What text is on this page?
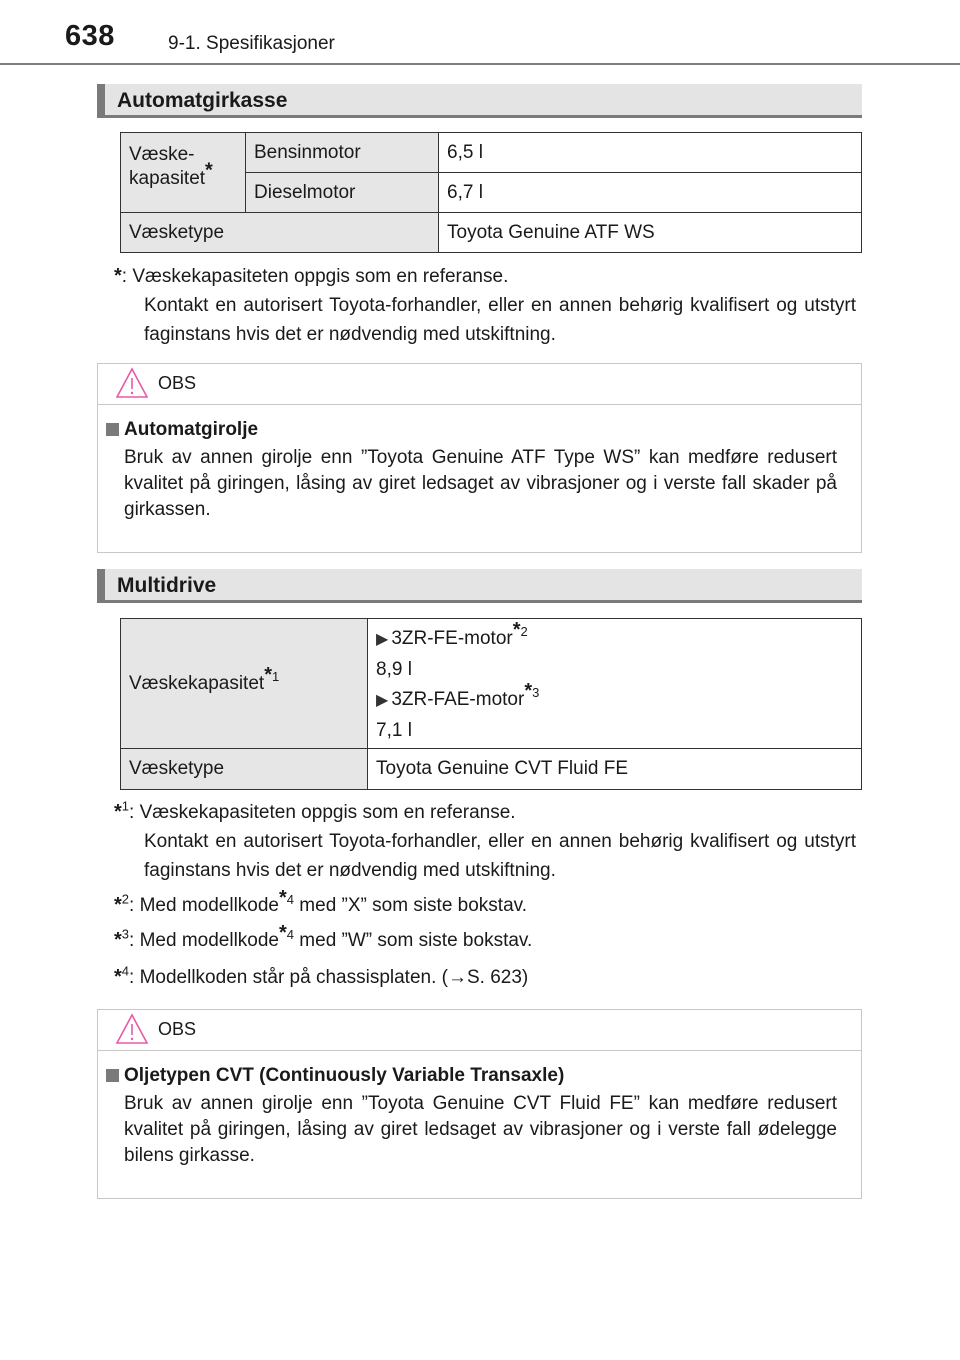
638	9-1. Spesifikasjoner
Automatgirkasse
Væske-
kapasitet*	Bensinmotor	6,5 l
	Dieselmotor	6,7 l
Væsketype		Toyota Genuine ATF WS
*: Væskekapasiteten oppgis som en referanse.
Kontakt en autorisert Toyota-forhandler, eller en annen behørig kvalifisert og utstyrt faginstans hvis det er nødvendig med utskiftning.
OBS
Automatgirolje
Bruk av annen girolje enn ”Toyota Genuine ATF Type WS” kan medføre redusert kvalitet på giringen, låsing av giret ledsaget av vibrasjoner og i verste fall skader på girkassen.
Multidrive
Væskekapasitet$^{*1}$	▶ 3ZR-FE-motor$^{*2}$
8,9 l
▶ 3ZR-FAE-motor$^{*3}$
7,1 l

Væsketype	Toyota Genuine CVT Fluid FE
*$^1$: Væskekapasiteten oppgis som en referanse.
Kontakt en autorisert Toyota-forhandler, eller en annen behørig kvalifisert og utstyrt faginstans hvis det er nødvendig med utskiftning.
*$^2$: Med modellkode$^{*4}$ med ”X” som siste bokstav.
*$^3$: Med modellkode$^{*4}$ med ”W” som siste bokstav.
*$^4$: Modellkoden står på chassisplaten. (→S. 623)
OBS
Oljetypen CVT (Continuously Variable Transaxle)
Bruk av annen girolje enn ”Toyota Genuine CVT Fluid FE” kan medføre redusert kvalitet på giringen, låsing av giret ledsaget av vibrasjoner og i verste fall ødelegge bilens girkasse.
